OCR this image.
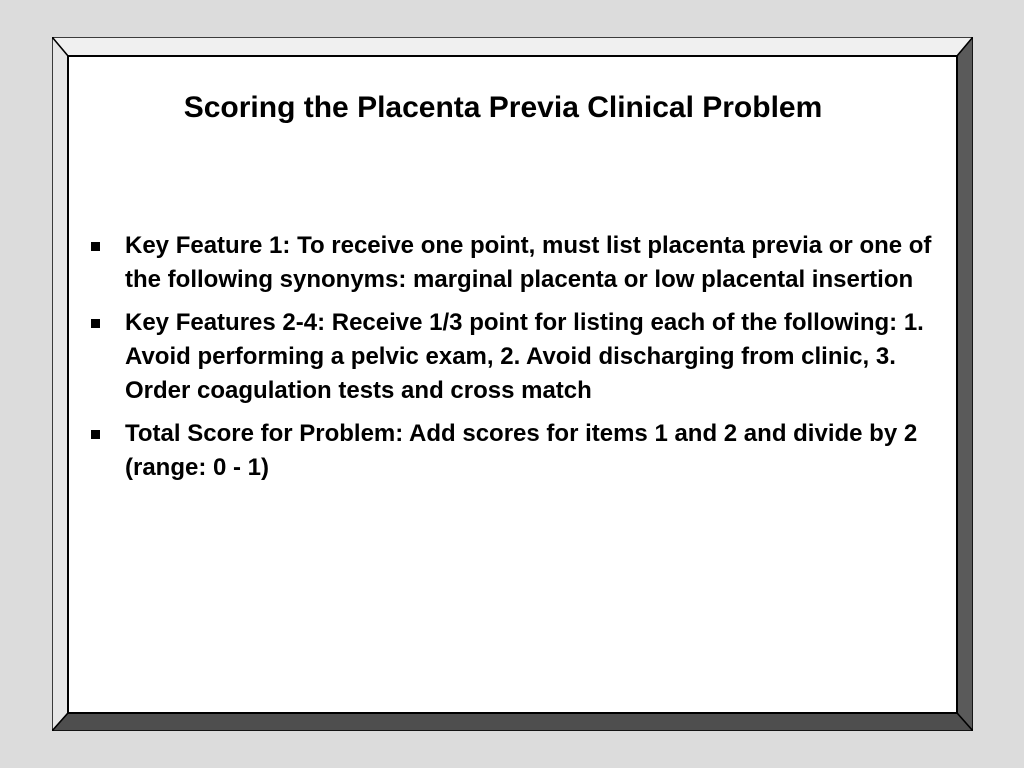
Scoring the Placenta Previa Clinical Problem
Key Feature 1: To receive one point, must list placenta previa or one of the following synonyms: marginal placenta or low placental insertion
Key Features 2-4: Receive 1/3 point for listing each of the following: 1. Avoid performing a pelvic exam, 2. Avoid discharging from clinic, 3. Order coagulation tests and cross match
Total Score for Problem: Add scores for items 1 and 2 and divide by 2 (range: 0 - 1)
